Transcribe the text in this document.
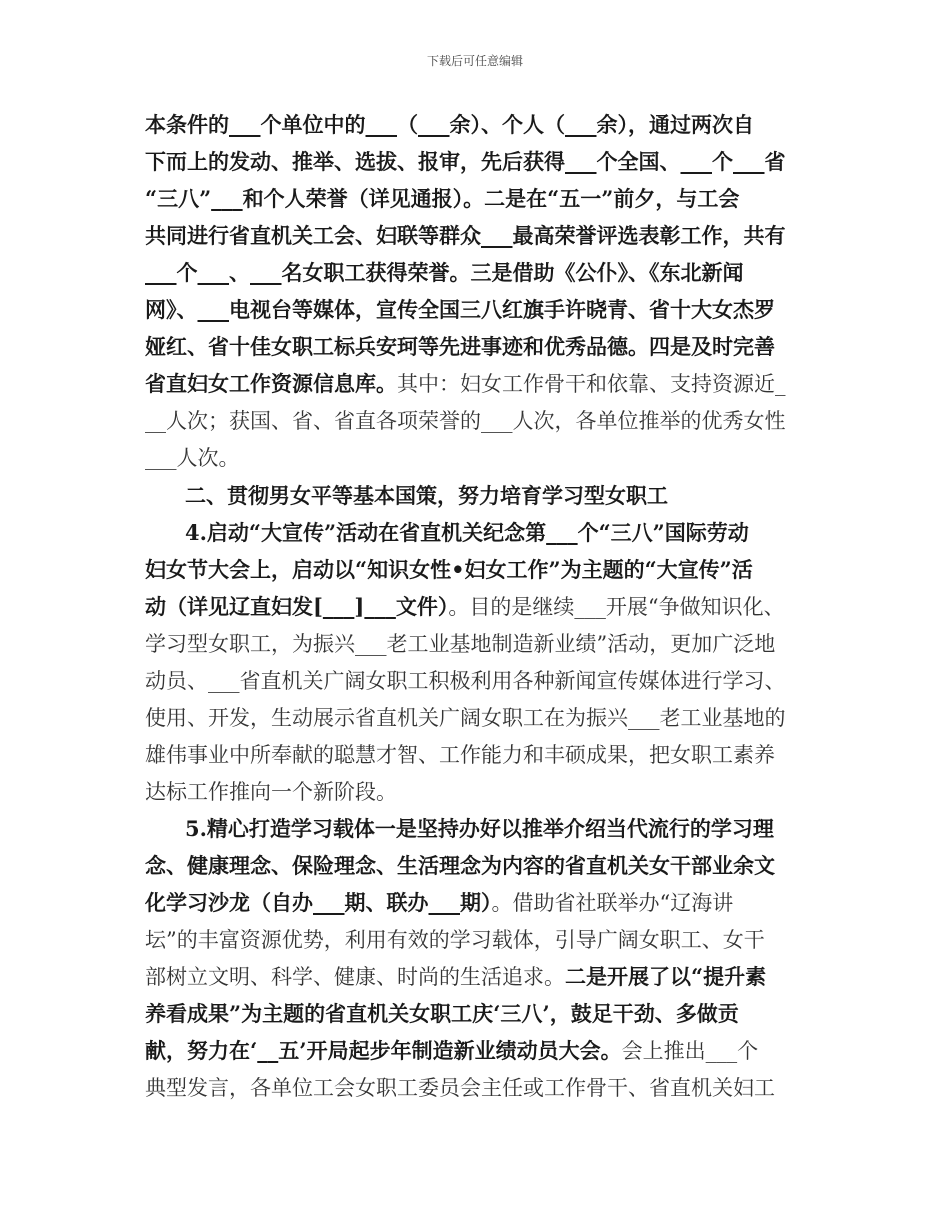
下载后可任意编辑
本条件的___个单位中的___（___余）、个人（___余），通过两次自
下而上的发动、推举、选拔、报审，先后获得___个全国、___个___省
“三八”___和个人荣誉（详见通报）。二是在“五一”前夕，与工会
共同进行省直机关工会、妇联等群众___最高荣誉评选表彰工作，共有
___个___、___名女职工获得荣誉。三是借助《公仆》、《东北新闻
网》、___电视台等媒体，宣传全国三八红旗手许晓青、省十大女杰罗
娅红、省十佳女职工标兵安珂等先进事迹和优秀品德。四是及时完善
省直妇女工作资源信息库。其中：妇女工作骨干和依靠、支持资源近_
__人次；获国、省、省直各项荣誉的___人次，各单位推举的优秀女性
___人次。
二、贯彻男女平等基本国策，努力培育学习型女职工
4.启动“大宣传”活动在省直机关纪念第___个“三八”国际劳动
妇女节大会上，启动以“知识女性•妇女工作”为主题的“大宣传”活
动（详见辽直妇发[___]___文件）。目的是继续___开展“争做知识化、
学习型女职工，为振兴___老工业基地制造新业绩”活动，更加广泛地
动员、___省直机关广阔女职工积极利用各种新闻宣传媒体进行学习、
使用、开发，生动展示省直机关广阔女职工在为振兴___老工业基地的
雄伟事业中所奉献的聪慧才智、工作能力和丰硕成果，把女职工素养
达标工作推向一个新阶段。
5.精心打造学习载体一是坚持办好以推举介绍当代流行的学习理
念、健康理念、保险理念、生活理念为内容的省直机关女干部业余文
化学习沙龙（自办___期、联办___期）。借助省社联举办“辽海讲
坛”的丰富资源优势，利用有效的学习载体，引导广阔女职工、女干
部树立文明、科学、健康、时尚的生活追求。二是开展了以“提升素
养看成果”为主题的省直机关女职工庆‘三八’，鼓足干劲、多做贡
献，努力在‘__五’开局起步年制造新业绩动员大会。会上推出___个
典型发言，各单位工会女职工委员会主任或工作骨干、省直机关妇工
